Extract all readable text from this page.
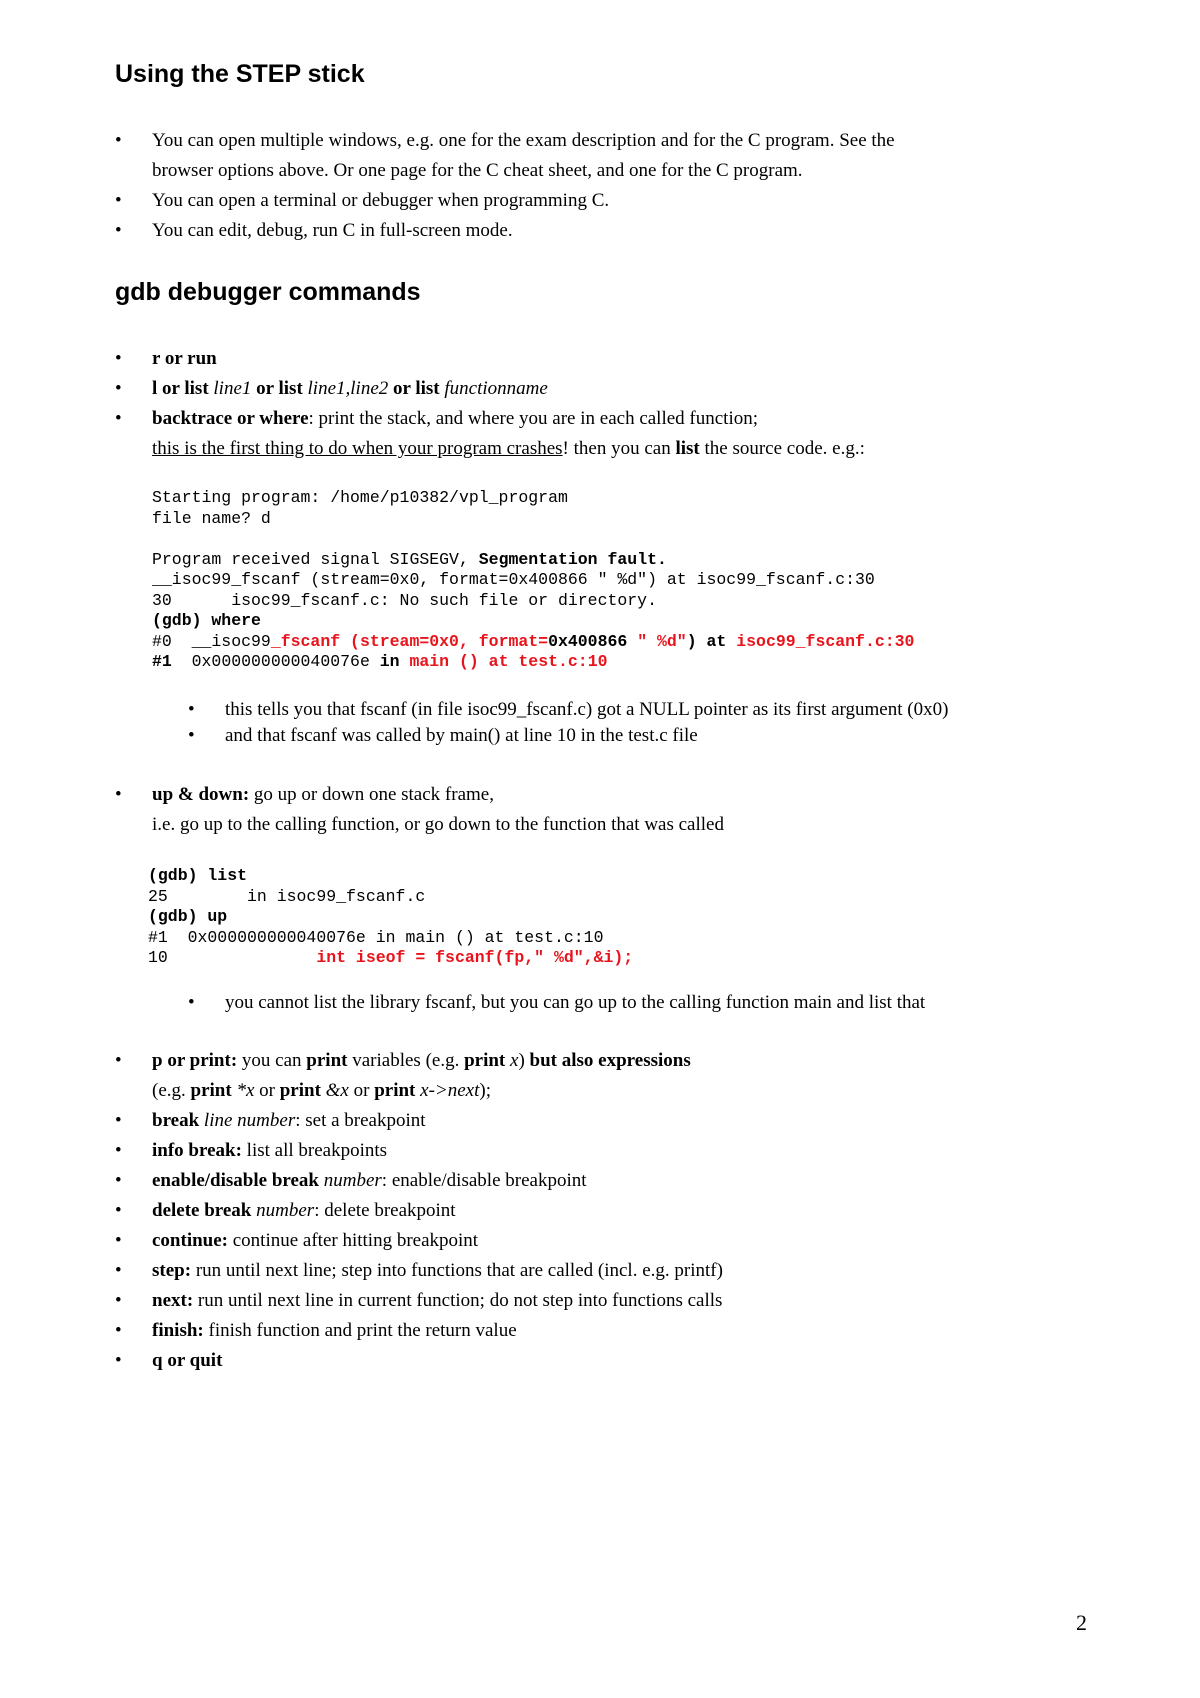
Using the STEP stick
• You can open multiple windows, e.g. one for the exam description and for the C program. See the
browser options above. Or one page for the C cheat sheet, and one for the C program.
• You can open a terminal or debugger when programming C.
• You can edit, debug, run C in full-screen mode.
gdb debugger commands
• r or run
• l or list line1 or list line1,line2 or list functionname
• backtrace or where: print the stack, and where you are in each called function;
this is the first thing to do when your program crashes! then you can list the source code. e.g.:
Starting program: /home/p10382/vpl_program
file name? d

Program received signal SIGSEGV, Segmentation fault.
__isoc99_fscanf (stream=0x0, format=0x400866 " %d") at isoc99_fscanf.c:30
30      isoc99_fscanf.c: No such file or directory.
(gdb) where
#0  __isoc99_fscanf (stream=0x0, format=0x400866 " %d") at isoc99_fscanf.c:30
#1  0x000000000040076e in main () at test.c:10
• this tells you that fscanf (in file isoc99_fscanf.c) got a NULL pointer as its first argument (0x0)
• and that fscanf was called by main() at line 10 in the test.c file
• up & down: go up or down one stack frame,
i.e. go up to the calling function, or go down to the function that was called
(gdb) list
25        in isoc99_fscanf.c
(gdb) up
#1  0x000000000040076e in main () at test.c:10
10               int iseof = fscanf(fp," %d",&i);
• you cannot list the library fscanf, but you can go up to the calling function main and list that
• p or print: you can print variables (e.g. print x) but also expressions
(e.g. print *x or print &x or print x->next);
• break line number: set a breakpoint
• info break: list all breakpoints
• enable/disable break number: enable/disable breakpoint
• delete break number: delete breakpoint
• continue: continue after hitting breakpoint
• step: run until next line; step into functions that are called (incl. e.g. printf)
• next: run until next line in current function; do not step into functions calls
• finish: finish function and print the return value
• q or quit
2
